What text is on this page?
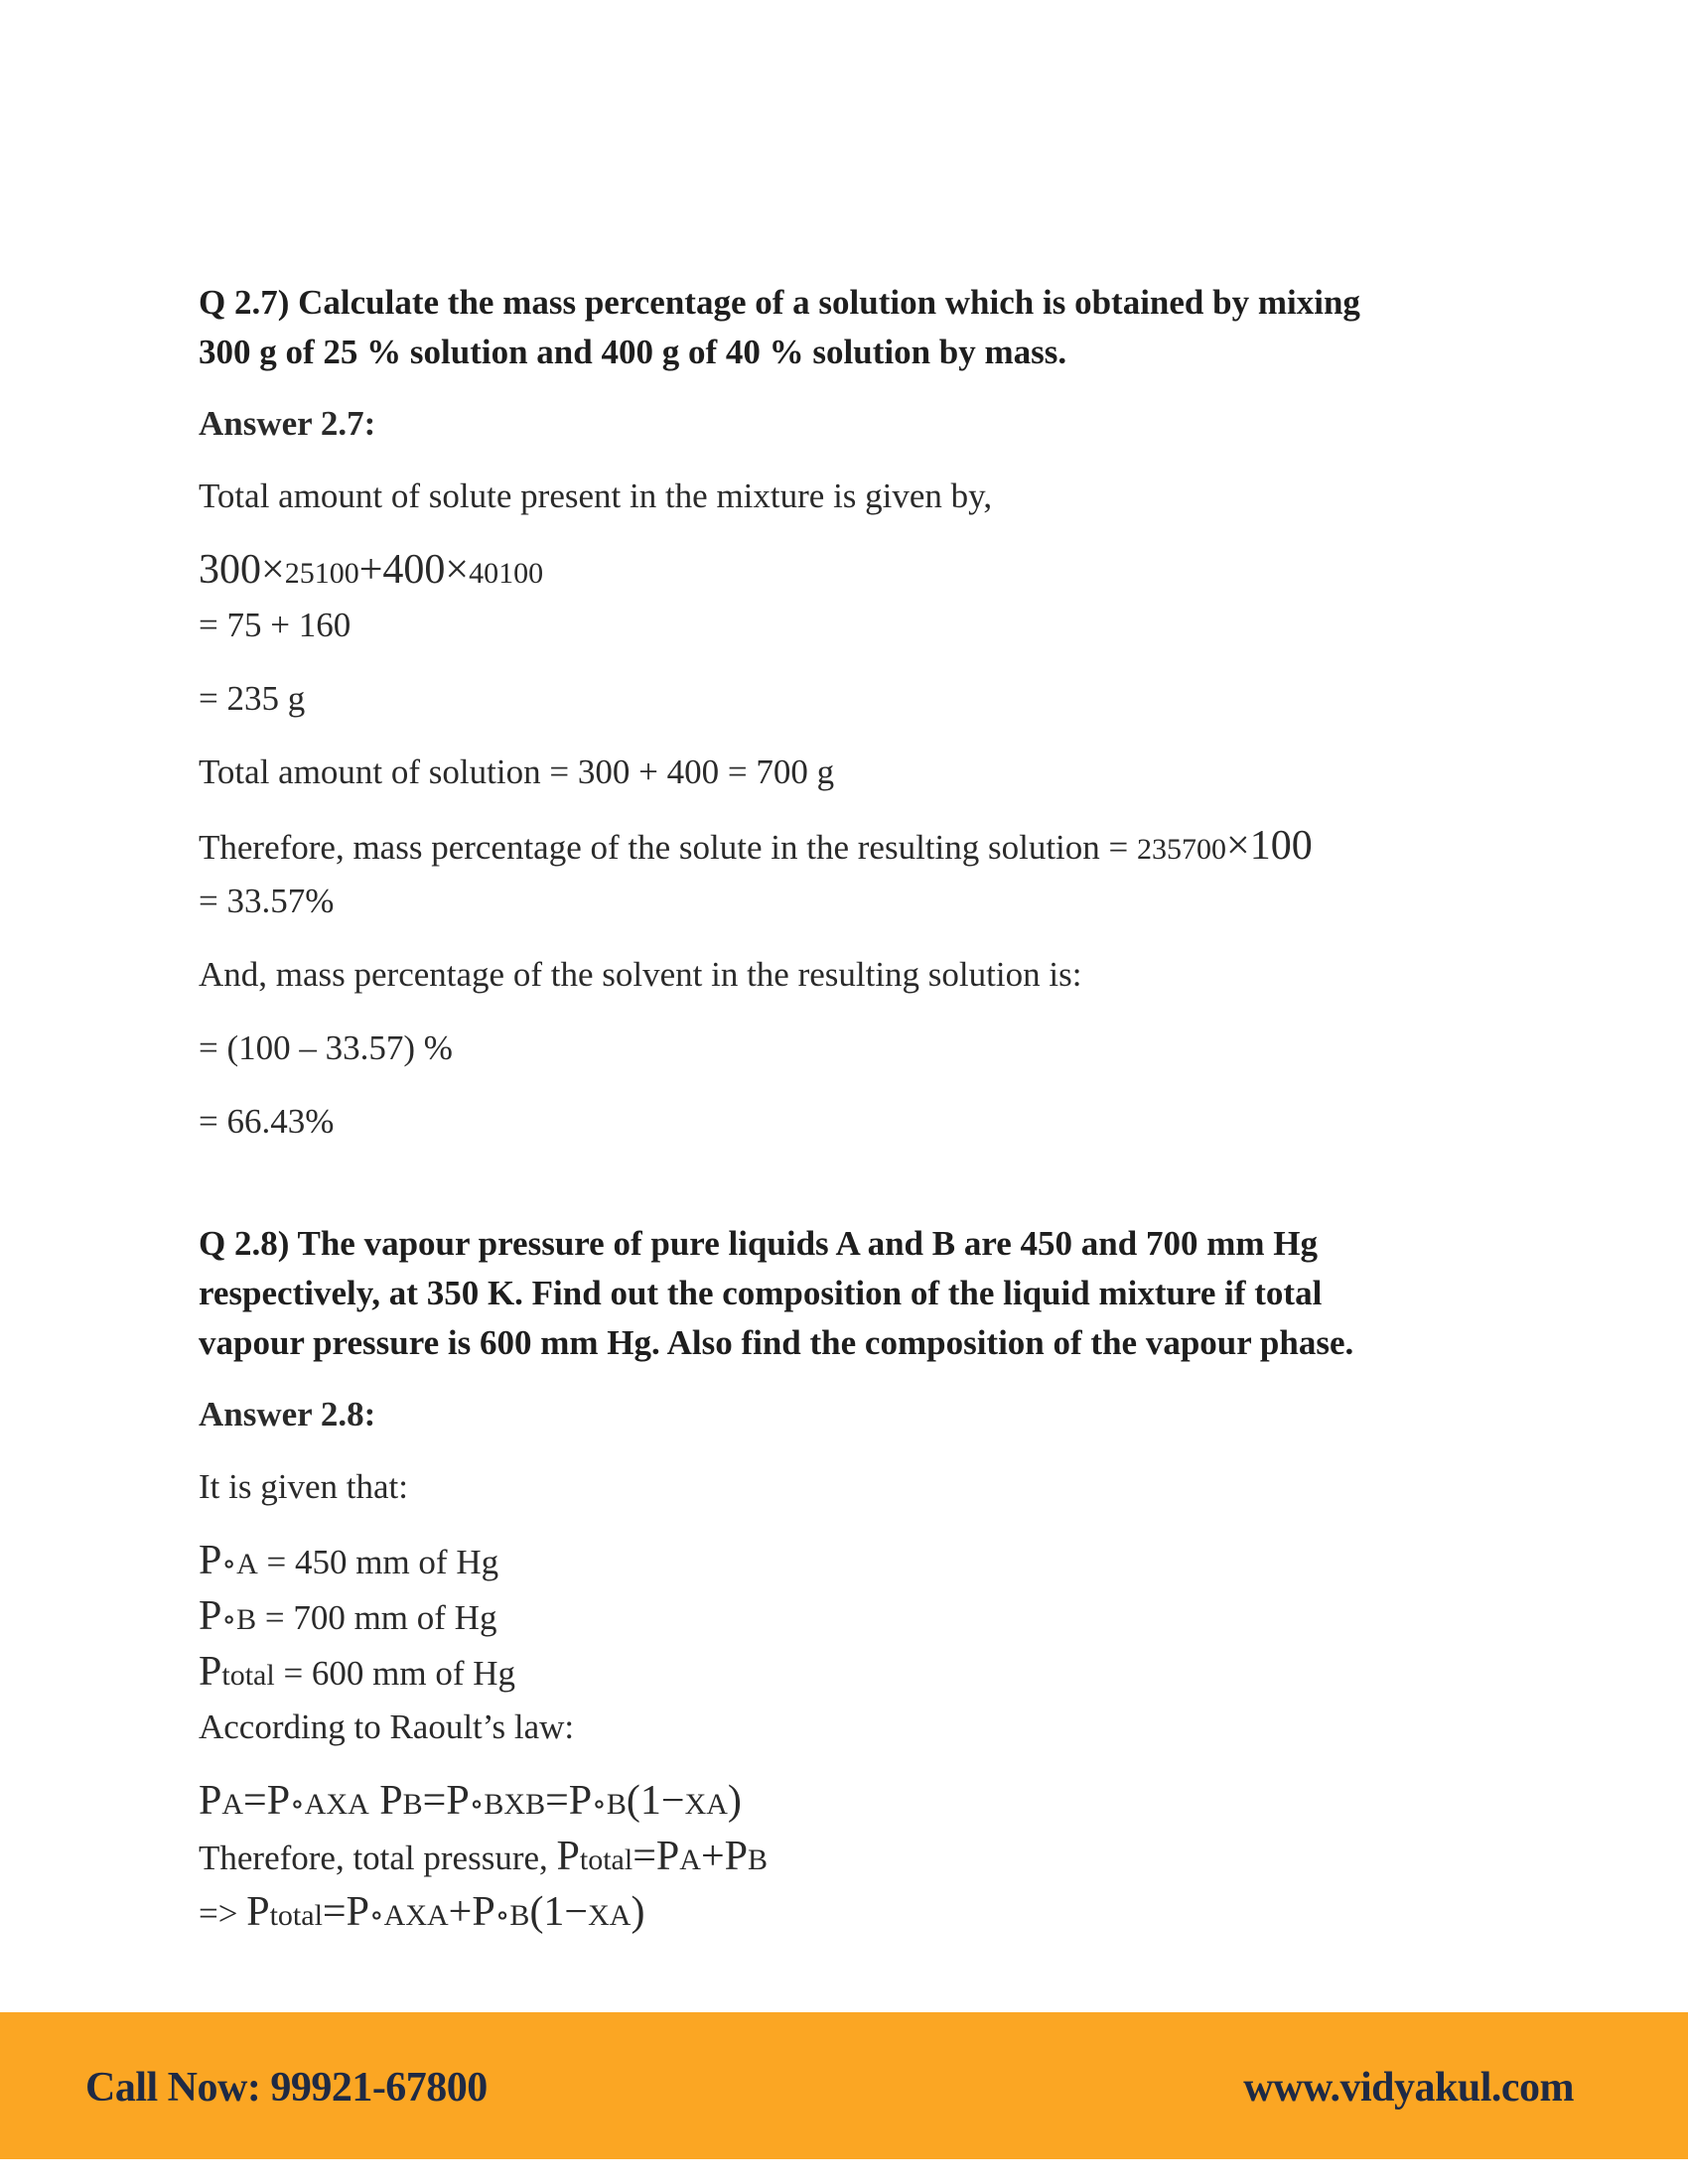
Q 2.7) Calculate the mass percentage of a solution which is obtained by mixing
300 g of 25 % solution and 400 g of 40 % solution by mass.

Answer 2.7:

Total amount of solute present in the mixture is given by,

300×25100+400×40100

= 75 + 160

= 235 g

Total amount of solution = 300 + 400 = 700 g

Therefore, mass percentage of the solute in the resulting solution = 235700×100

= 33.57%

And, mass percentage of the solvent in the resulting solution is:

= (100 – 33.57) %

= 66.43%

Q 2.8) The vapour pressure of pure liquids A and B are 450 and 700 mm Hg
respectively, at 350 K. Find out the composition of the liquid mixture if total
vapour pressure is 600 mm Hg. Also find the composition of the vapour phase.

Answer 2.8:

It is given that:

P∘A = 450 mm of Hg

P∘B = 700 mm of Hg

Ptotal = 600 mm of Hg

According to Raoult’s law:

PA=P∘AXA PB=P∘BXB=P∘B(1−XA)

Therefore, total pressure, Ptotal=PA+PB

=> Ptotal=P∘AXA+P∘B(1−XA)

Call Now: 99921-67800	www.vidyakul.com
